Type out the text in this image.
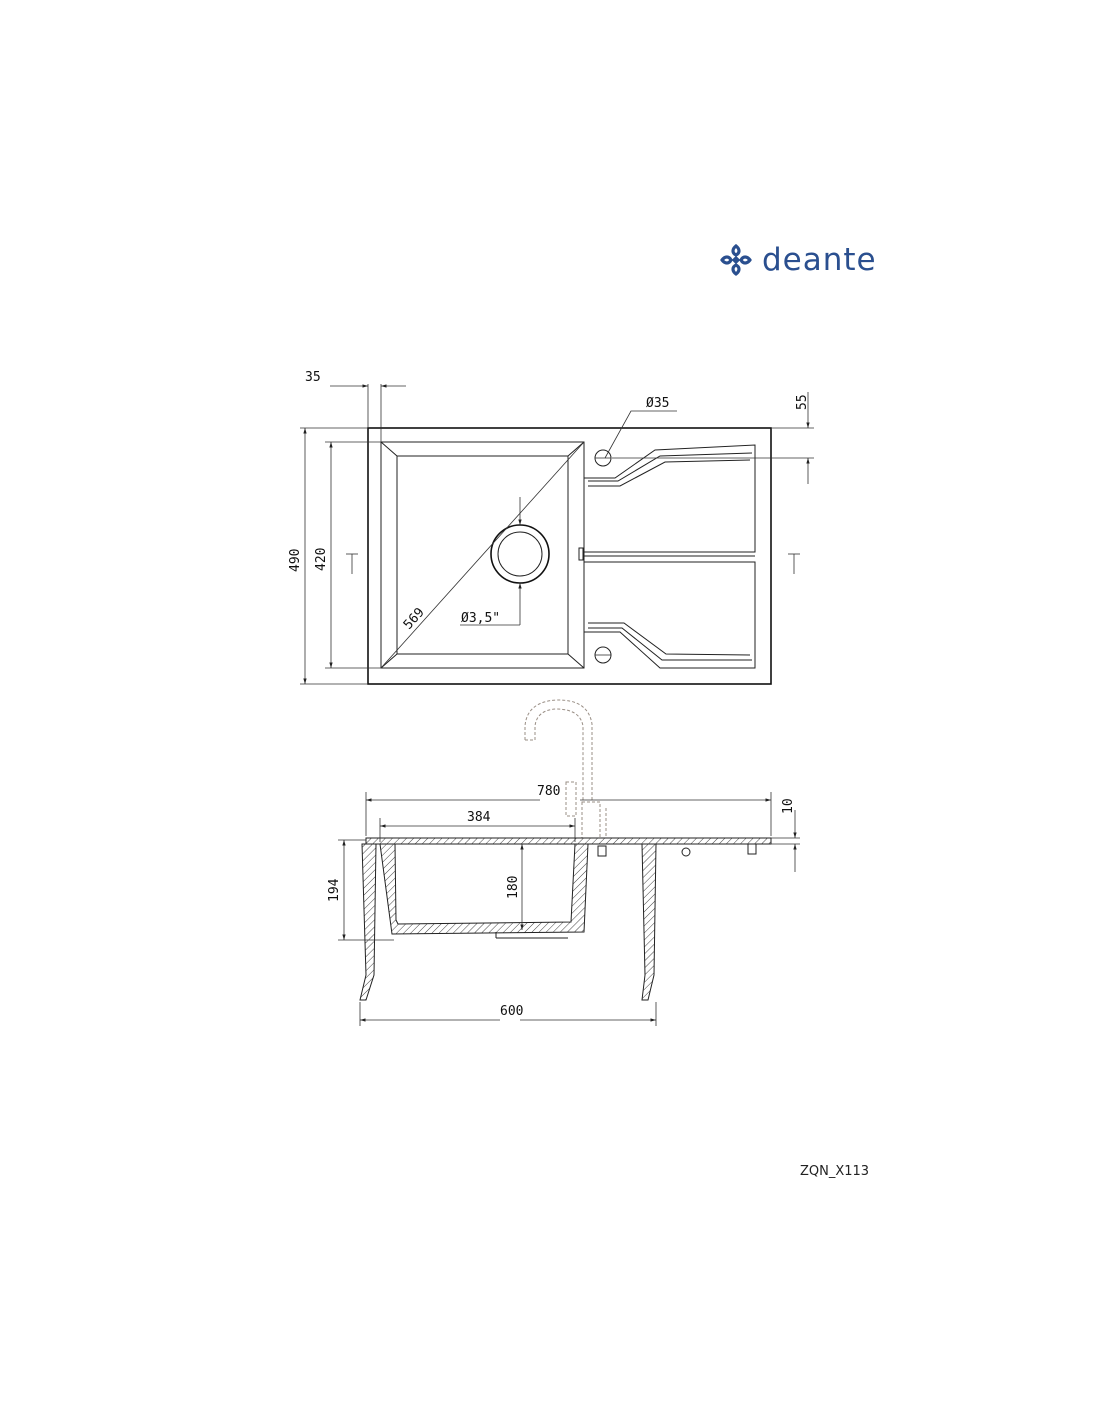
deante
35
55
Ø35
490 420
569	Ø3,5"
780
384
10
194	180
600
ZQN_X113
